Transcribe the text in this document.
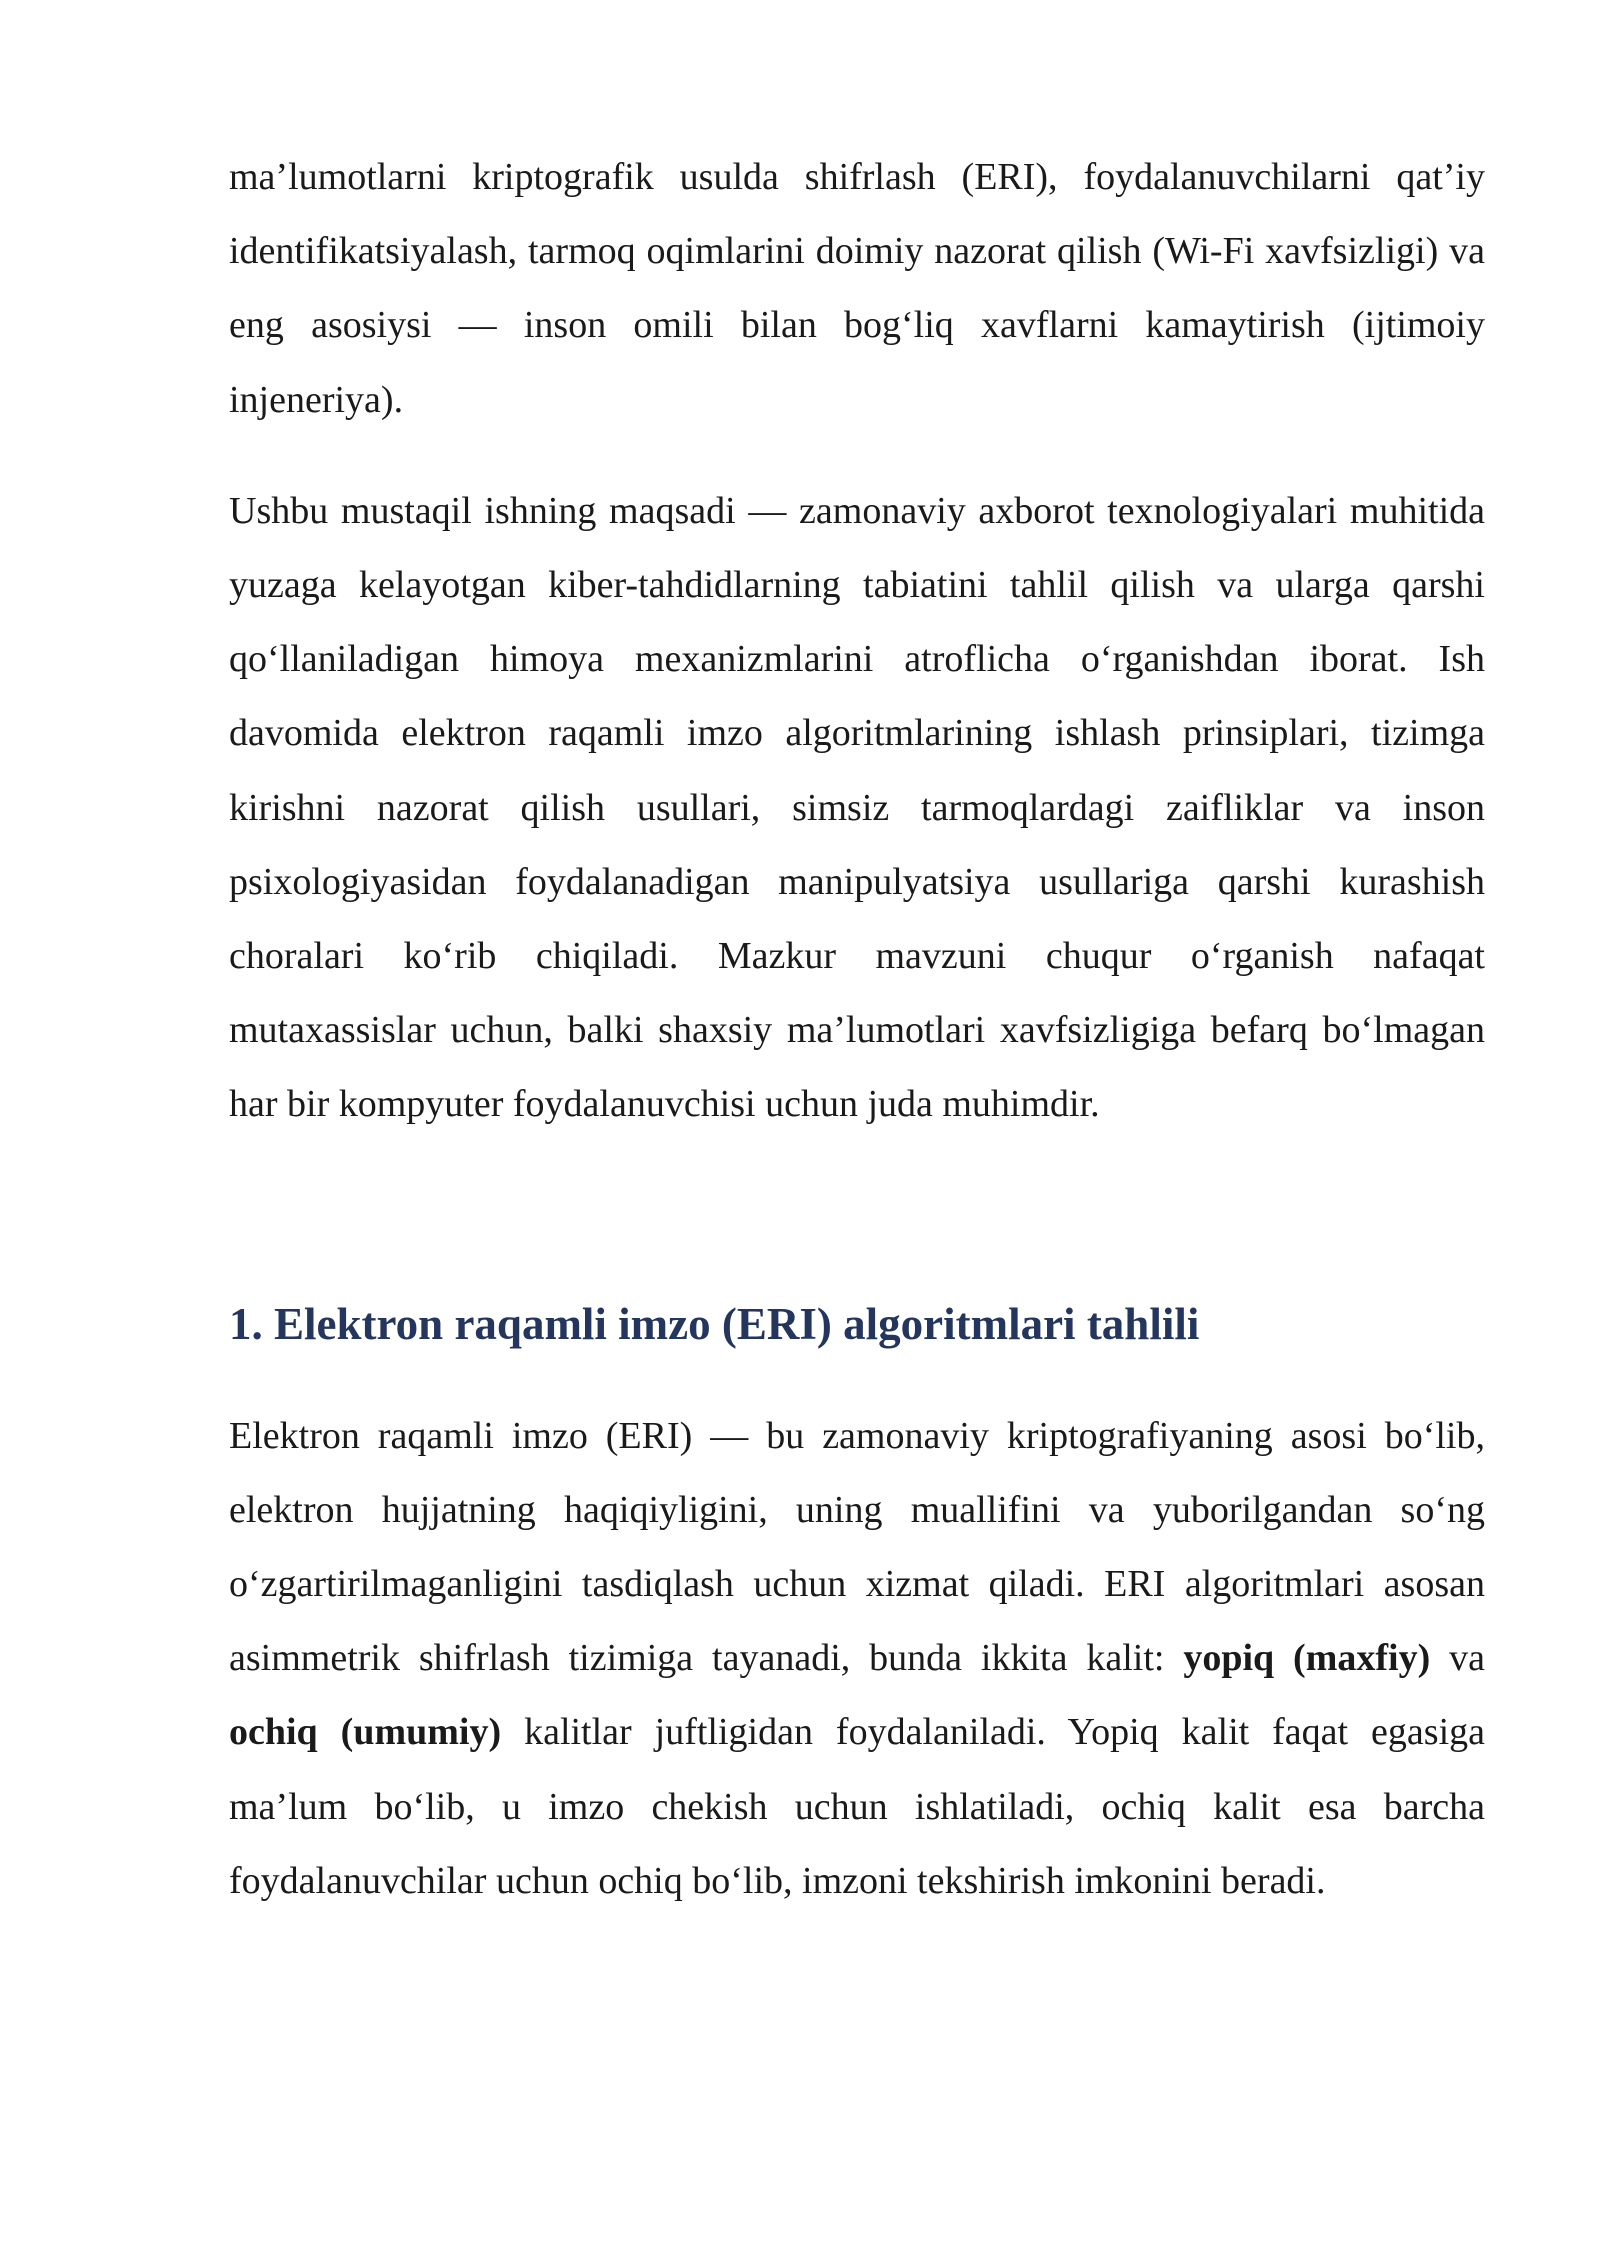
ma’lumotlarni kriptografik usulda shifrlash (ERI), foydalanuvchilarni qat’iy identifikatsiyalash, tarmoq oqimlarini doimiy nazorat qilish (Wi-Fi xavfsizligi) va eng asosiysi — inson omili bilan bog‘liq xavflarni kamaytirish (ijtimoiy injeneriya).

Ushbu mustaqil ishning maqsadi — zamonaviy axborot texnologiyalari muhitida yuzaga kelayotgan kiber-tahdidlarning tabiatini tahlil qilish va ularga qarshi qo‘llaniladigan himoya mexanizmlarini atroflicha o‘rganishdan iborat. Ish davomida elektron raqamli imzo algoritmlarining ishlash prinsiplari, tizimga kirishni nazorat qilish usullari, simsiz tarmoqlardagi zaifliklar va inson psixologiyasidan foydalanadigan manipulyatsiya usullariga qarshi kurashish choralari ko‘rib chiqiladi. Mazkur mavzuni chuqur o‘rganish nafaqat mutaxassislar uchun, balki shaxsiy ma’lumotlari xavfsizligiga befarq bo‘lmagan har bir kompyuter foydalanuvchisi uchun juda muhimdir.

1. Elektron raqamli imzo (ERI) algoritmlari tahlili

Elektron raqamli imzo (ERI) — bu zamonaviy kriptografiyaning asosi bo‘lib, elektron hujjatning haqiqiyligini, uning muallifini va yuborilgandan so‘ng o‘zgartirilmaganligini tasdiqlash uchun xizmat qiladi. ERI algoritmlari asosan asimmetrik shifrlash tizimiga tayanadi, bunda ikkita kalit: yopiq (maxfiy) va ochiq (umumiy) kalitlar juftligidan foydalaniladi. Yopiq kalit faqat egasiga ma’lum bo‘lib, u imzo chekish uchun ishlatiladi, ochiq kalit esa barcha foydalanuvchilar uchun ochiq bo‘lib, imzoni tekshirish imkonini beradi.
